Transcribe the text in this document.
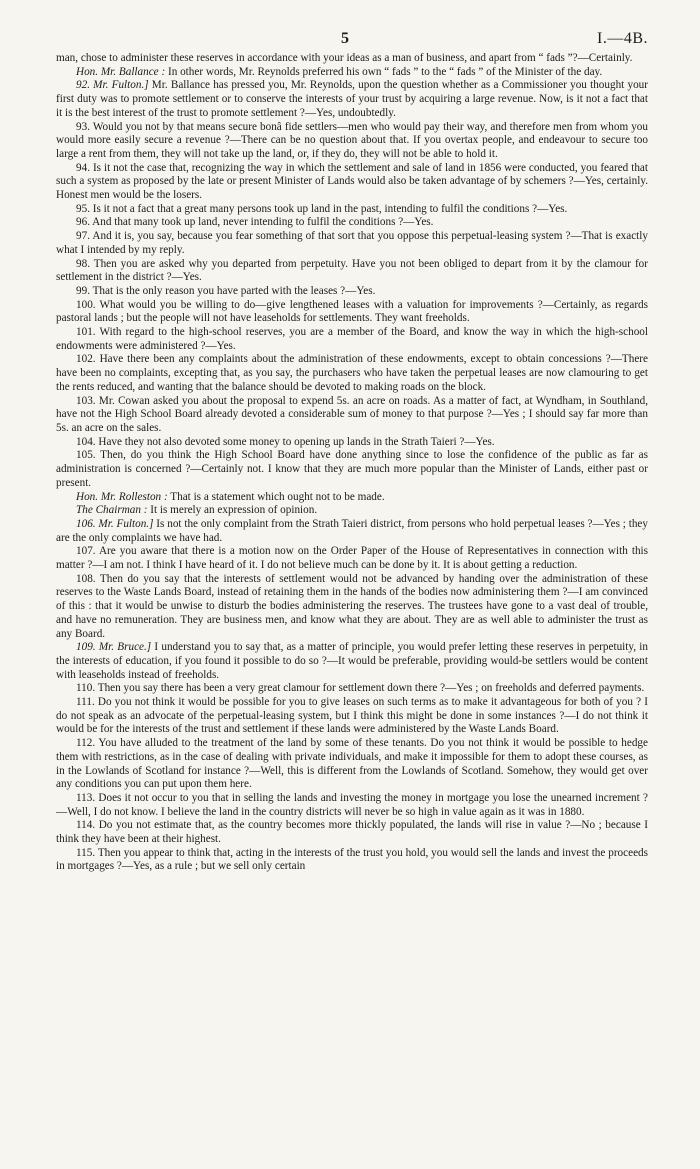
5	I.—4B.

man, chose to administer these reserves in accordance with your ideas as a man of business, and apart from “ fads ”?—Certainly.

Hon. Mr. Ballance : In other words, Mr. Reynolds preferred his own “ fads ” to the “ fads ” of the Minister of the day.

92. Mr. Fulton.] Mr. Ballance has pressed you, Mr. Reynolds, upon the question whether as a Commissioner you thought your first duty was to promote settlement or to conserve the interests of your trust by acquiring a large revenue. Now, is it not a fact that it is the best interest of the trust to promote settlement ?—Yes, undoubtedly.

93. Would you not by that means secure bonâ fide settlers—men who would pay their way, and therefore men from whom you would more easily secure a revenue ?—There can be no question about that. If you overtax people, and endeavour to secure too large a rent from them, they will not take up the land, or, if they do, they will not be able to hold it.

94. Is it not the case that, recognizing the way in which the settlement and sale of land in 1856 were conducted, you feared that such a system as proposed by the late or present Minister of Lands would also be taken advantage of by schemers ?—Yes, certainly. Honest men would be the losers.

95. Is it not a fact that a great many persons took up land in the past, intending to fulfil the conditions ?—Yes.

96. And that many took up land, never intending to fulfil the conditions ?—Yes.

97. And it is, you say, because you fear something of that sort that you oppose this perpetual-leasing system ?—That is exactly what I intended by my reply.

98. Then you are asked why you departed from perpetuity. Have you not been obliged to depart from it by the clamour for settlement in the district ?—Yes.

99. That is the only reason you have parted with the leases ?—Yes.

100. What would you be willing to do—give lengthened leases with a valuation for improvements ?—Certainly, as regards pastoral lands ; but the people will not have leaseholds for settlements. They want freeholds.

101. With regard to the high-school reserves, you are a member of the Board, and know the way in which the high-school endowments were administered ?—Yes.

102. Have there been any complaints about the administration of these endowments, except to obtain concessions ?—There have been no complaints, excepting that, as you say, the purchasers who have taken the perpetual leases are now clamouring to get the rents reduced, and wanting that the balance should be devoted to making roads on the block.

103. Mr. Cowan asked you about the proposal to expend 5s. an acre on roads. As a matter of fact, at Wyndham, in Southland, have not the High School Board already devoted a considerable sum of money to that purpose ?—Yes ; I should say far more than 5s. an acre on the sales.

104. Have they not also devoted some money to opening up lands in the Strath Taieri ?—Yes.

105. Then, do you think the High School Board have done anything since to lose the confidence of the public as far as administration is concerned ?—Certainly not. I know that they are much more popular than the Minister of Lands, either past or present.

Hon. Mr. Rolleston : That is a statement which ought not to be made.

The Chairman : It is merely an expression of opinion.

106. Mr. Fulton.] Is not the only complaint from the Strath Taieri district, from persons who hold perpetual leases ?—Yes ; they are the only complaints we have had.

107. Are you aware that there is a motion now on the Order Paper of the House of Representatives in connection with this matter ?—I am not. I think I have heard of it. I do not believe much can be done by it. It is about getting a reduction.

108. Then do you say that the interests of settlement would not be advanced by handing over the administration of these reserves to the Waste Lands Board, instead of retaining them in the hands of the bodies now administering them ?—I am convinced of this : that it would be unwise to disturb the bodies administering the reserves. The trustees have gone to a vast deal of trouble, and have no remuneration. They are business men, and know what they are about. They are as well able to administer the trust as any Board.

109. Mr. Bruce.] I understand you to say that, as a matter of principle, you would prefer letting these reserves in perpetuity, in the interests of education, if you found it possible to do so ?—It would be preferable, providing would-be settlers would be content with leaseholds instead of freeholds.

110. Then you say there has been a very great clamour for settlement down there ?—Yes ; on freeholds and deferred payments.

111. Do you not think it would be possible for you to give leases on such terms as to make it advantageous for both of you ? I do not speak as an advocate of the perpetual-leasing system, but I think this might be done in some instances ?—I do not think it would be for the interests of the trust and settlement if these lands were administered by the Waste Lands Board.

112. You have alluded to the treatment of the land by some of these tenants. Do you not think it would be possible to hedge them with restrictions, as in the case of dealing with private individuals, and make it impossible for them to adopt these courses, as in the Lowlands of Scotland for instance ?—Well, this is different from the Lowlands of Scotland. Somehow, they would get over any conditions you can put upon them here.

113. Does it not occur to you that in selling the lands and investing the money in mortgage you lose the unearned increment ?—Well, I do not know. I believe the land in the country districts will never be so high in value again as it was in 1880.

114. Do you not estimate that, as the country becomes more thickly populated, the lands will rise in value ?—No ; because I think they have been at their highest.

115. Then you appear to think that, acting in the interests of the trust you hold, you would sell the lands and invest the proceeds in mortgages ?—Yes, as a rule ; but we sell only certain
